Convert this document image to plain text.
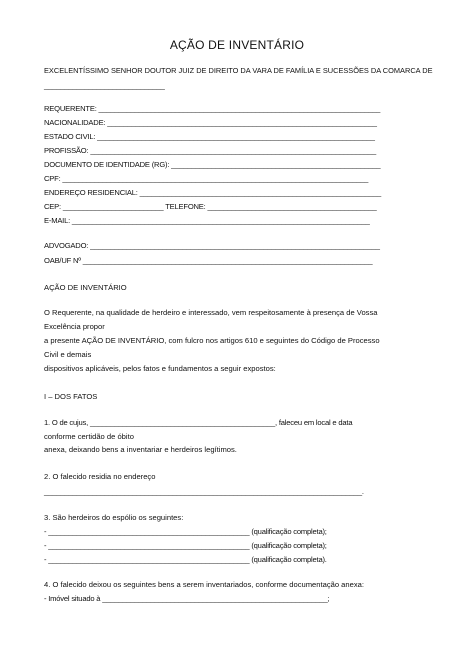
AÇÃO DE INVENTÁRIO
EXCELENTÍSSIMO SENHOR DOUTOR JUIZ DE DIREITO DA VARA DE FAMÍLIA E SUCESSÕES DA COMARCA DE
______________________________
REQUERENTE: ______________________________________________________________________
NACIONALIDADE: ___________________________________________________________________
ESTADO CIVIL: _____________________________________________________________________
PROFISSÃO: _______________________________________________________________________
DOCUMENTO DE IDENTIDADE (RG): ____________________________________________________
CPF: ____________________________________________________________________________
ENDEREÇO RESIDENCIAL: ____________________________________________________________
CEP: _________________________ TELEFONE: __________________________________________
E-MAIL: __________________________________________________________________________
ADVOGADO: ________________________________________________________________________
OAB/UF Nº ________________________________________________________________________
AÇÃO DE INVENTÁRIO
O Requerente, na qualidade de herdeiro e interessado, vem respeitosamente à presença de Vossa
Excelência propor
a presente AÇÃO DE INVENTÁRIO, com fulcro nos artigos 610 e seguintes do Código de Processo
Civil e demais
dispositivos aplicáveis, pelos fatos e fundamentos a seguir expostos:
I – DOS FATOS
1. O de cujus, ______________________________________________, faleceu em local e data
conforme certidão de óbito
anexa, deixando bens a inventariar e herdeiros legítimos.
2. O falecido residia no endereço
_______________________________________________________________________________.
3. São herdeiros do espólio os seguintes:
- __________________________________________________ (qualificação completa);
- __________________________________________________ (qualificação completa);
- __________________________________________________ (qualificação completa).
4. O falecido deixou os seguintes bens a serem inventariados, conforme documentação anexa:
- Imóvel situado à ________________________________________________________;
